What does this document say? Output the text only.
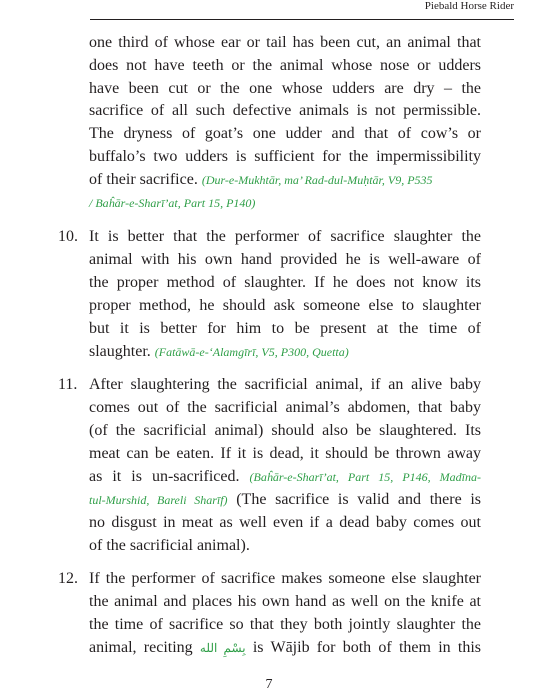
Piebald Horse Rider
one third of whose ear or tail has been cut, an animal that
does not have teeth or the animal whose nose or udders
have been cut or the one whose udders are dry – the
sacrifice of all such defective animals is not permissible.
The dryness of goat’s one udder and that of cow’s or
buffalo’s two udders is sufficient for the impermissibility
of their sacrifice. (Dur-e-Mukhtār, ma’ Rad-dul-Muḥtār, V9, P535
/ Baĥār-e-Sharī’at, Part 15, P140)
10. It is better that the performer of sacrifice slaughter the
animal with his own hand provided he is well-aware of
the proper method of slaughter. If he does not know its
proper method, he should ask someone else to slaughter
but it is better for him to be present at the time of
slaughter. (Fatāwā-e-‘Alamgīrī, V5, P300, Quetta)
11. After slaughtering the sacrificial animal, if an alive baby
comes out of the sacrificial animal’s abdomen, that baby
(of the sacrificial animal) should also be slaughtered. Its
meat can be eaten. If it is dead, it should be thrown away
as it is un-sacrificed. (Baĥār-e-Sharī’at, Part 15, P146, Madīna-
tul-Murshid, Bareli Sharīf) (The sacrifice is valid and there is
no disgust in meat as well even if a dead baby comes out
of the sacrificial animal).
12. If the performer of sacrifice makes someone else slaughter
the animal and places his own hand as well on the knife at
the time of sacrifice so that they both jointly slaughter the
animal, reciting بِسْمِ الله is Wājib for both of them in this
7
